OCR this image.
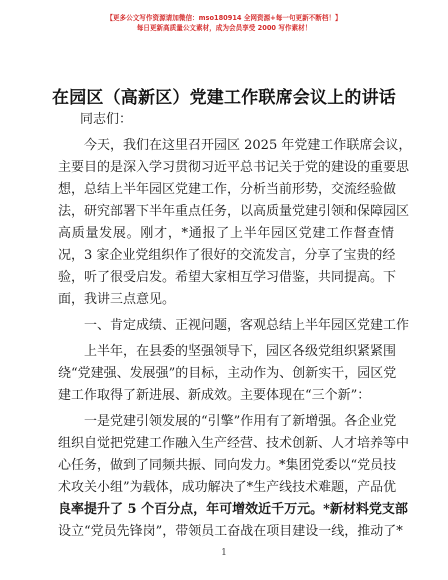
【更多公文写作资源请加微信：mso180914 全网资源+每一句更新不断档！】
每日更新高质量公文素材，成为会员享受 2000 写作素材！
在园区（高新区）党建工作联席会议上的讲话
同志们：
今天，我们在这里召开园区 2025 年党建工作联席会议，
主要目的是深入学习贯彻习近平总书记关于党的建设的重要思
想，总结上半年园区党建工作，分析当前形势，交流经验做
法，研究部署下半年重点任务，以高质量党建引领和保障园区
高质量发展。刚才，*通报了上半年园区党建工作督查情
况，3 家企业党组织作了很好的交流发言，分享了宝贵的经
验，听了很受启发。希望大家相互学习借鉴，共同提高。下
面，我讲三点意见。
一、肯定成绩、正视问题，客观总结上半年园区党建工作
上半年，在县委的坚强领导下，园区各级党组织紧紧围
绕“党建强、发展强”的目标，主动作为、创新实干，园区党
建工作取得了新进展、新成效。主要体现在“三个新”：
一是党建引领发展的“引擎”作用有了新增强。各企业党
组织自觉把党建工作融入生产经营、技术创新、人才培养等中
心任务，做到了同频共振、同向发力。*集团党委以“党员技
术攻关小组”为载体，成功解决了*生产线技术难题，产品优
良率提升了 5 个百分点，年可增效近千万元。*新材料党支部
设立“党员先锋岗”，带领员工奋战在项目建设一线，推动了*
1
